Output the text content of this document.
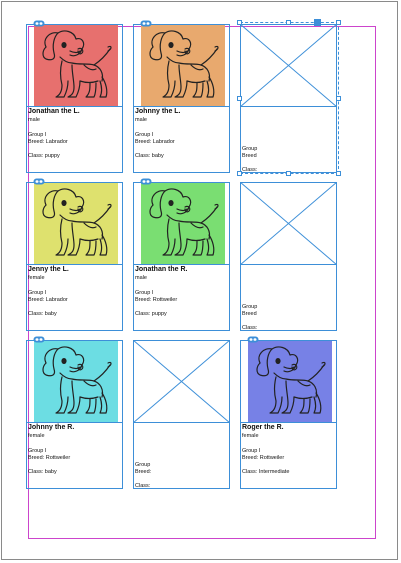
Jonathan the L.
male
Group I
Breed: Labrador
Class: puppy
Johnny the L.
male
Group I
Breed: Labrador
Class: baby
Group
Breed
Class:
Jenny the L.
female
Group I
Breed: Labrador
Class: baby
Jonathan the R.
male
Group I
Breed: Rottweiler
Class: puppy
Group
Breed
Class:
Johnny the R.
female
Group I
Breed: Rottweiler
Class: baby
Group
Breed:
Class:
Roger the R.
female
Group I
Breed: Rottweiler
Class: Intermediate
